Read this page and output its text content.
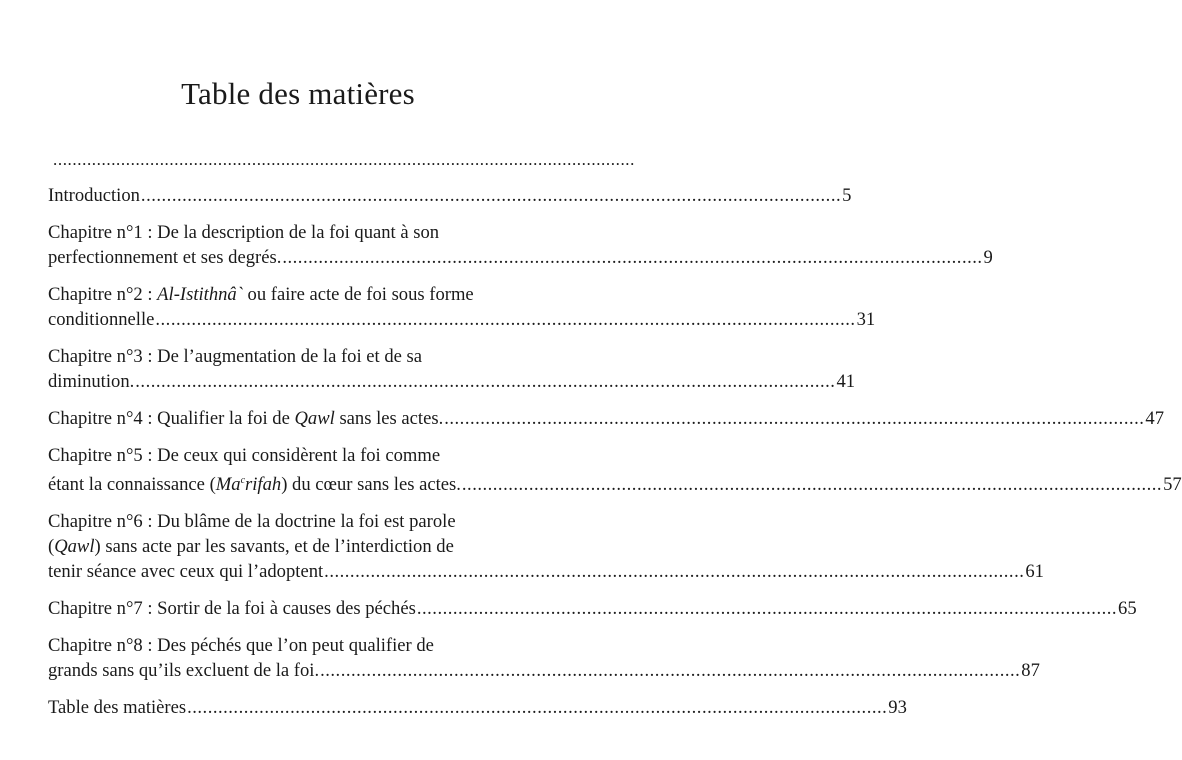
Table des matières
........................................................................................................................
Introduction .....	5
Chapitre n°1 : De la description de la foi quant à son
perfectionnement et ses degrés. .....	9
Chapitre n°2 : Al-Istithnâ` ou faire acte de foi sous forme
conditionnelle .....	31
Chapitre n°3 : De l’augmentation de la foi et de sa
diminution. .....	41
Chapitre n°4 : Qualifier la foi de Qawl sans les actes. .....	47
Chapitre n°5 : De ceux qui considèrent la foi comme
étant la connaissance (Ma$^c$rifah) du cœur sans les actes. .....	57
Chapitre n°6 : Du blâme de la doctrine la foi est parole
(Qawl) sans acte par les savants, et de l’interdiction de
tenir séance avec ceux qui l’adoptent .....	61
Chapitre n°7 : Sortir de la foi à causes des péchés .....	65
Chapitre n°8 : Des péchés que l’on peut qualifier de
grands sans qu’ils excluent de la foi. .....	87
Table des matières .....	93
